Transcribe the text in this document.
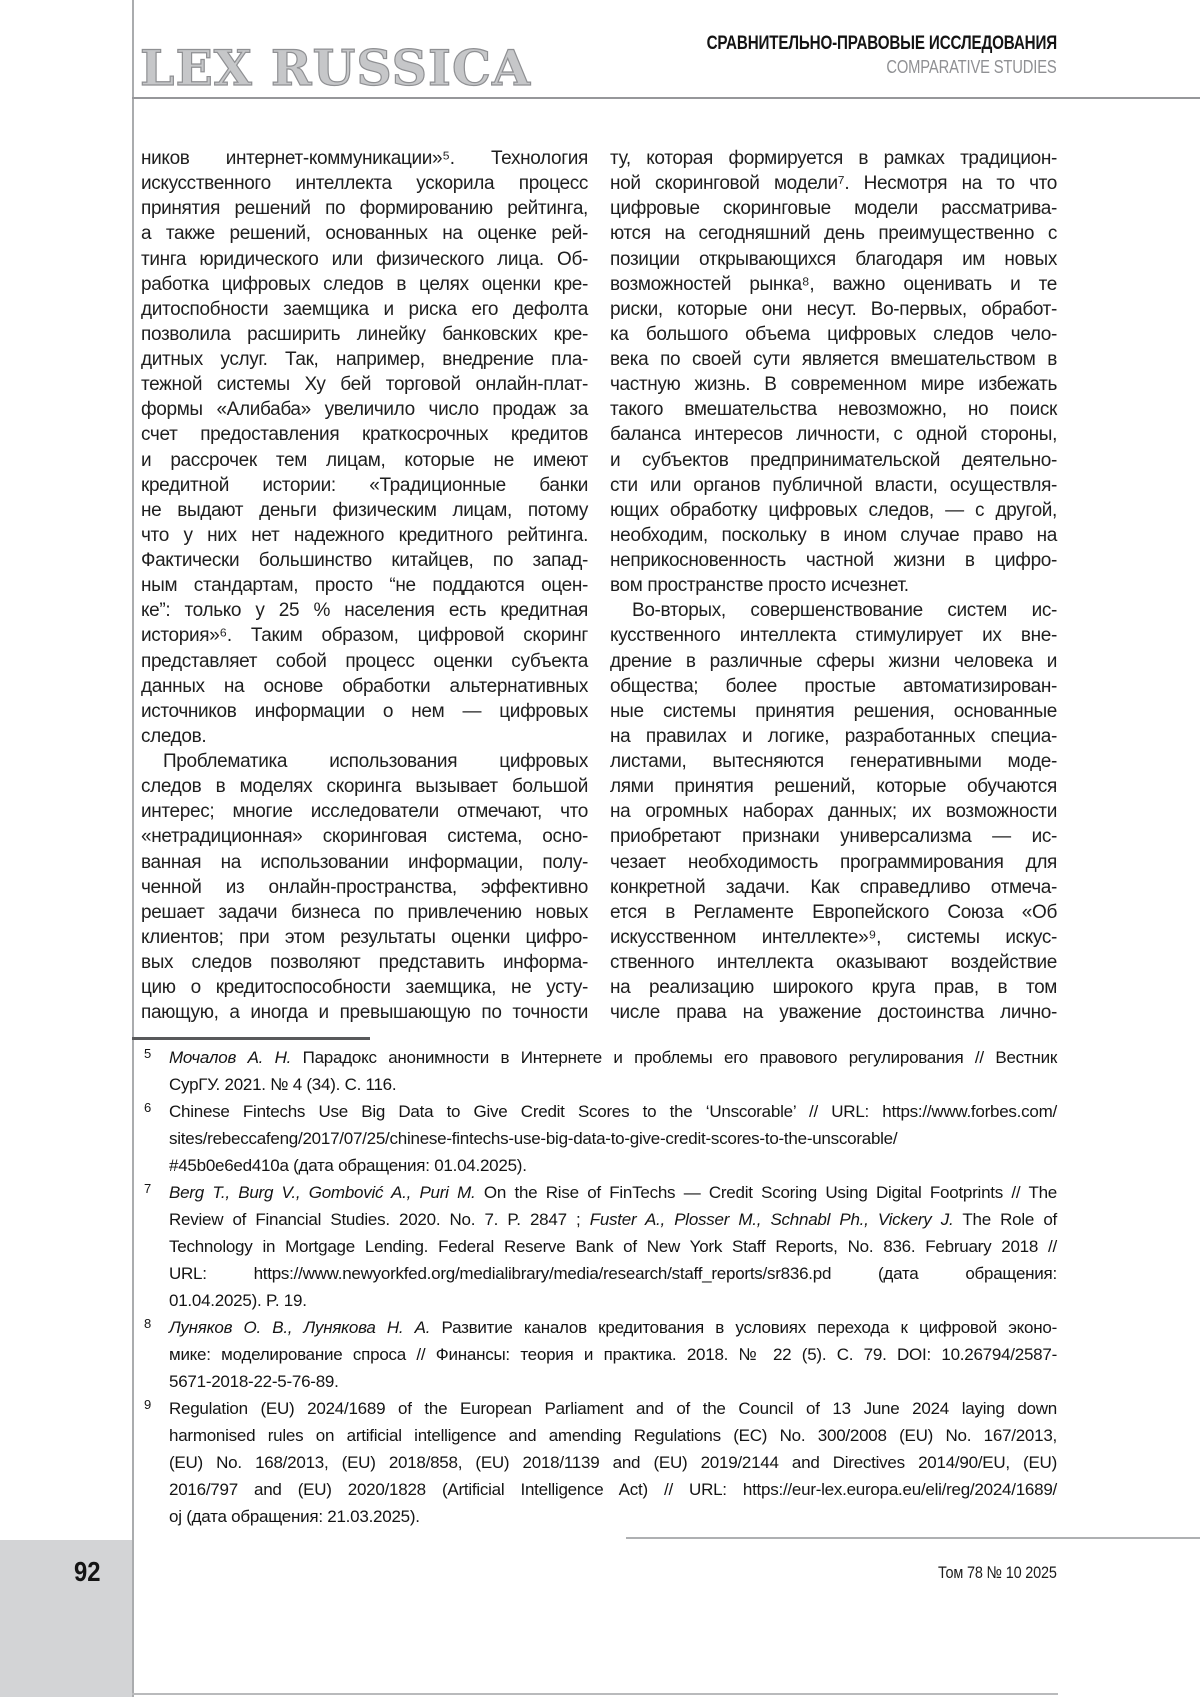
LEX RUSSICA	СРАВНИТЕЛЬНО-ПРАВОВЫЕ ИССЛЕДОВАНИЯ
COMPARATIVE STUDIES
ников интернет-коммуникации»⁵. Технология
искусственного интеллекта ускорила процесс
принятия решений по формированию рейтинга,
а также решений, основанных на оценке рей-
тинга юридического или физического лица. Об-
работка цифровых следов в целях оценки кре-
дитоспобности заемщика и риска его дефолта
позволила расширить линейку банковских кре-
дитных услуг. Так, например, внедрение пла-
тежной системы Ху бей торговой онлайн-плат-
формы «Алибаба» увеличило число продаж за
счет предоставления краткосрочных кредитов
и рассрочек тем лицам, которые не имеют
кредитной истории: «Традиционные банки
не выдают деньги физическим лицам, потому
что у них нет надежного кредитного рейтинга.
Фактически большинство китайцев, по запад-
ным стандартам, просто “не поддаются оцен-
ке”: только у 25 % населения есть кредитная
история»⁶. Таким образом, цифровой скоринг
представляет собой процесс оценки субъекта
данных на основе обработки альтернативных
источников информации о нем — цифровых
следов.
Проблематика использования цифровых
следов в моделях скоринга вызывает большой
интерес; многие исследователи отмечают, что
«нетрадиционная» скоринговая система, осно-
ванная на использовании информации, полу-
ченной из онлайн-пространства, эффективно
решает задачи бизнеса по привлечению новых
клиентов; при этом результаты оценки цифро-
вых следов позволяют представить информа-
цию о кредитоспособности заемщика, не усту-
пающую, а иногда и превышающую по точности
ту, которая формируется в рамках традицион-
ной скоринговой модели⁷. Несмотря на то что
цифровые скоринговые модели рассматрива-
ются на сегодняшний день преимущественно с
позиции открывающихся благодаря им новых
возможностей рынка⁸, важно оценивать и те
риски, которые они несут. Во-первых, обработ-
ка большого объема цифровых следов чело-
века по своей сути является вмешательством в
частную жизнь. В современном мире избежать
такого вмешательства невозможно, но поиск
баланса интересов личности, с одной стороны,
и субъектов предпринимательской деятельно-
сти или органов публичной власти, осуществля-
ющих обработку цифровых следов, — с другой,
необходим, поскольку в ином случае право на
неприкосновенность частной жизни в цифро-
вом пространстве просто исчезнет.
Во-вторых, совершенствование систем ис-
кусственного интеллекта стимулирует их вне-
дрение в различные сферы жизни человека и
общества; более простые автоматизирован-
ные системы принятия решения, основанные
на правилах и логике, разработанных специа-
листами, вытесняются генеративными моде-
лями принятия решений, которые обучаются
на огромных наборах данных; их возможности
приобретают признаки универсализма — ис-
чезает необходимость программирования для
конкретной задачи. Как справедливо отмеча-
ется в Регламенте Европейского Союза «Об
искусственном интеллекте»⁹, системы искус-
ственного интеллекта оказывают воздействие
на реализацию широкого круга прав, в том
числе права на уважение достоинства лично-
5 Мочалов А. Н. Парадокс анонимности в Интернете и проблемы его правового регулирования // Вестник
СурГУ. 2021. № 4 (34). С. 116.
6 Chinese Fintechs Use Big Data to Give Credit Scores to the ‘Unscorable’ // URL: https://www.forbes.com/
sites/rebeccafeng/2017/07/25/chinese-fintechs-use-big-data-to-give-credit-scores-to-the-unscorable/
#45b0e6ed410a (дата обращения: 01.04.2025).
7 Berg T., Burg V., Gombović A., Puri M. On the Rise of FinTechs — Credit Scoring Using Digital Footprints // The
Review of Financial Studies. 2020. No. 7. P. 2847 ; Fuster A., Plosser M., Schnabl Ph., Vickery J. The Role of
Technology in Mortgage Lending. Federal Reserve Bank of New York Staff Reports, No. 836. February 2018 //
URL: https://www.newyorkfed.org/medialibrary/media/research/staff_reports/sr836.pd (дата обращения:
01.04.2025). P. 19.
8 Луняков О. В., Лунякова Н. А. Развитие каналов кредитования в условиях перехода к цифровой эконо-
мике: моделирование спроса // Финансы: теория и практика. 2018. № 22 (5). С. 79. DOI: 10.26794/2587-
5671-2018-22-5-76-89.
9 Regulation (EU) 2024/1689 of the European Parliament and of the Council of 13 June 2024 laying down
harmonised rules on artificial intelligence and amending Regulations (EC) No. 300/2008 (EU) No. 167/2013,
(EU) No. 168/2013, (EU) 2018/858, (EU) 2018/1139 and (EU) 2019/2144 and Directives 2014/90/EU, (EU)
2016/797 and (EU) 2020/1828 (Artificial Intelligence Act) // URL: https://eur-lex.europa.eu/eli/reg/2024/1689/
oj (дата обращения: 21.03.2025).
92	Том 78 № 10 2025
